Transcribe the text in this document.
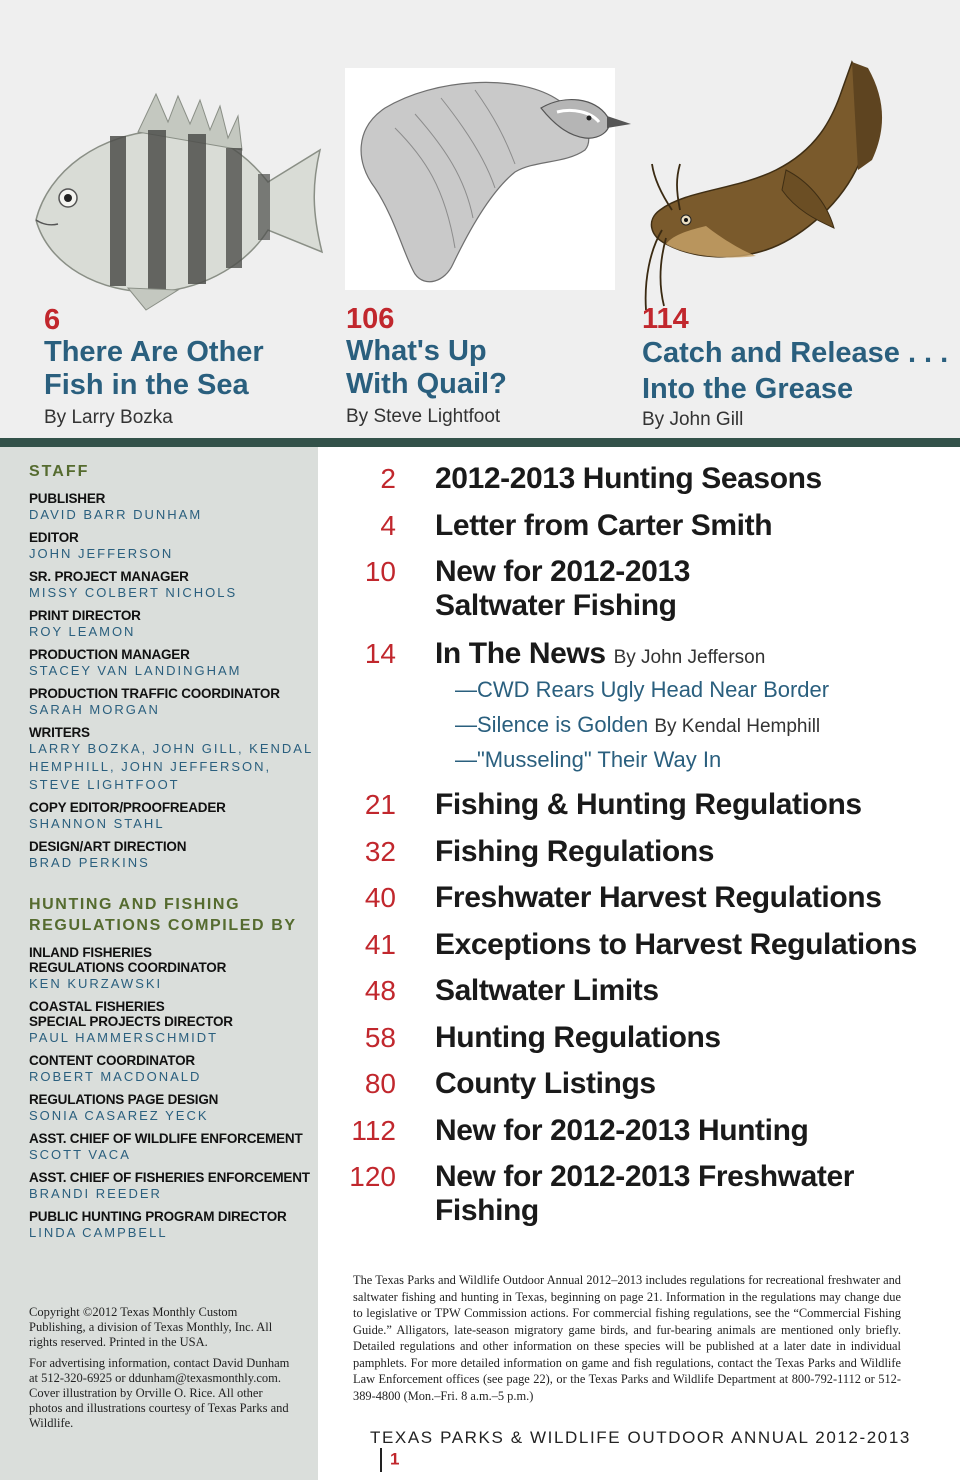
6
There Are Other
Fish in the Sea
By Larry Bozka
106
What's Up
With Quail?
By Steve Lightfoot
114
Catch and Release . . .
Into the Grease
By John Gill
STAFF
PUBLISHER
DAVID BARR DUNHAM
EDITOR
JOHN JEFFERSON
SR. PROJECT MANAGER
MISSY COLBERT NICHOLS
PRINT DIRECTOR
ROY LEAMON
PRODUCTION MANAGER
STACEY VAN LANDINGHAM
PRODUCTION TRAFFIC COORDINATOR
SARAH MORGAN
WRITERS
LARRY BOZKA, JOHN GILL, KENDAL
HEMPHILL, JOHN JEFFERSON,
STEVE LIGHTFOOT
COPY EDITOR/PROOFREADER
SHANNON STAHL
DESIGN/ART DIRECTION
BRAD PERKINS
HUNTING AND FISHING
REGULATIONS COMPILED BY
INLAND FISHERIES
REGULATIONS COORDINATOR
KEN KURZAWSKI
COASTAL FISHERIES
SPECIAL PROJECTS DIRECTOR
PAUL HAMMERSCHMIDT
CONTENT COORDINATOR
ROBERT MACDONALD
REGULATIONS PAGE DESIGN
SONIA CASAREZ YECK
ASST. CHIEF OF WILDLIFE ENFORCEMENT
SCOTT VACA
ASST. CHIEF OF FISHERIES ENFORCEMENT
BRANDI REEDER
PUBLIC HUNTING PROGRAM DIRECTOR
LINDA CAMPBELL
Copyright ©2012 Texas Monthly Custom Publishing, a division of Texas Monthly, Inc. All rights reserved. Printed in the USA.
For advertising information, contact David Dunham at 512-320-6925 or ddunham@texasmonthly.com. Cover illustration by Orville O. Rice. All other photos and illustrations courtesy of Texas Parks and Wildlife.
2 2012-2013 Hunting Seasons
4 Letter from Carter Smith
10 New for 2012-2013
Saltwater Fishing
14 In The News By John Jefferson
—CWD Rears Ugly Head Near Border
—Silence is Golden By Kendal Hemphill
—"Musseling" Their Way In
21 Fishing & Hunting Regulations
32 Fishing Regulations
40 Freshwater Harvest Regulations
41 Exceptions to Harvest Regulations
48 Saltwater Limits
58 Hunting Regulations
80 County Listings
112 New for 2012-2013 Hunting
120 New for 2012-2013 Freshwater
Fishing
The Texas Parks and Wildlife Outdoor Annual 2012–2013 includes regulations for recreational freshwater and saltwater fishing and hunting in Texas, beginning on page 21. Information in the regulations may change due to legislative or TPW Commission actions. For commercial fishing regulations, see the “Commercial Fishing Guide.” Alligators, late-season migratory game birds, and fur-bearing animals are mentioned only briefly. Detailed regulations and other information on these species will be published at a later date in individual pamphlets. For more detailed information on game and fish regulations, contact the Texas Parks and Wildlife Law Enforcement offices (see page 22), or the Texas Parks and Wildlife Department at 800-792-1112 or 512-389-4800 (Mon.–Fri. 8 a.m.–5 p.m.)
TEXAS PARKS & WILDLIFE OUTDOOR ANNUAL 2012-20131
